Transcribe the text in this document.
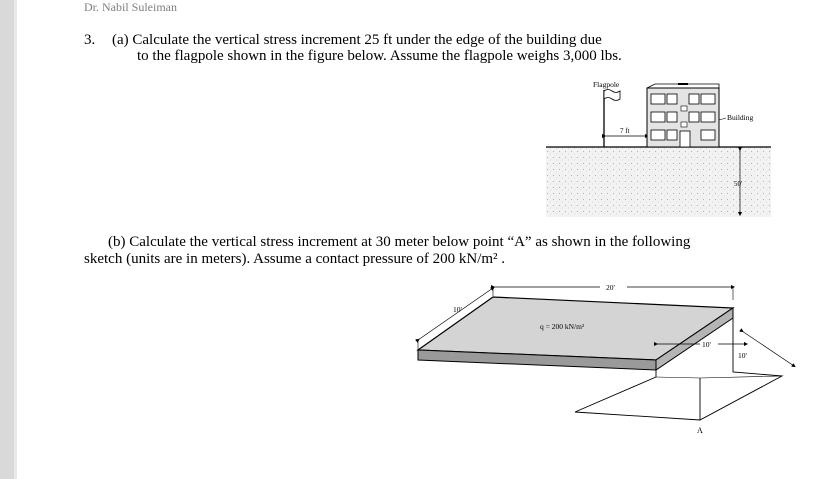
Dr. Nabil Suleiman
3. (a) Calculate the vertical stress increment 25 ft under the edge of the building due
to the flagpole shown in the figure below. Assume the flagpole weighs 3,000 lbs.
(b) Calculate the vertical stress increment at 30 meter below point “A” as shown in the following
sketch (units are in meters). Assume a contact pressure of 200 kN/m² .
Flagpole
7 ft
Building
50'
q = 200 kN/m²
20'
10'
10'
10'
A
